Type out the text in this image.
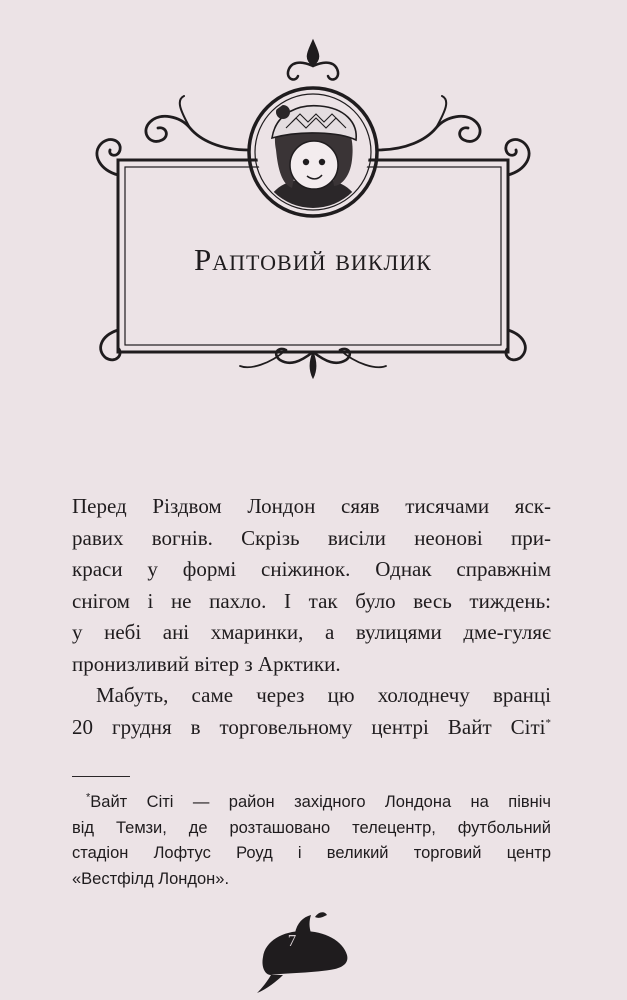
Раптовий виклик

Перед Різдвом Лондон сяяв тисячами яск-
равих вогнів. Скрізь висіли неонові при-
краси у формі сніжинок. Однак справжнім
снігом і не пахло. І так було весь тиждень:
у небі ані хмаринки, а вулицями дме-гуляє
пронизливий вітер з Арктики.

Мабуть, саме через цю холоднечу вранці
20 грудня в торговельному центрі Вайт Сіті*

*Вайт Сіті — район західного Лондона на північ
від Темзи, де розташовано телецентр, футбольний
стадіон Лофтус Роуд і великий торговий центр
«Вестфілд Лондон».
7
